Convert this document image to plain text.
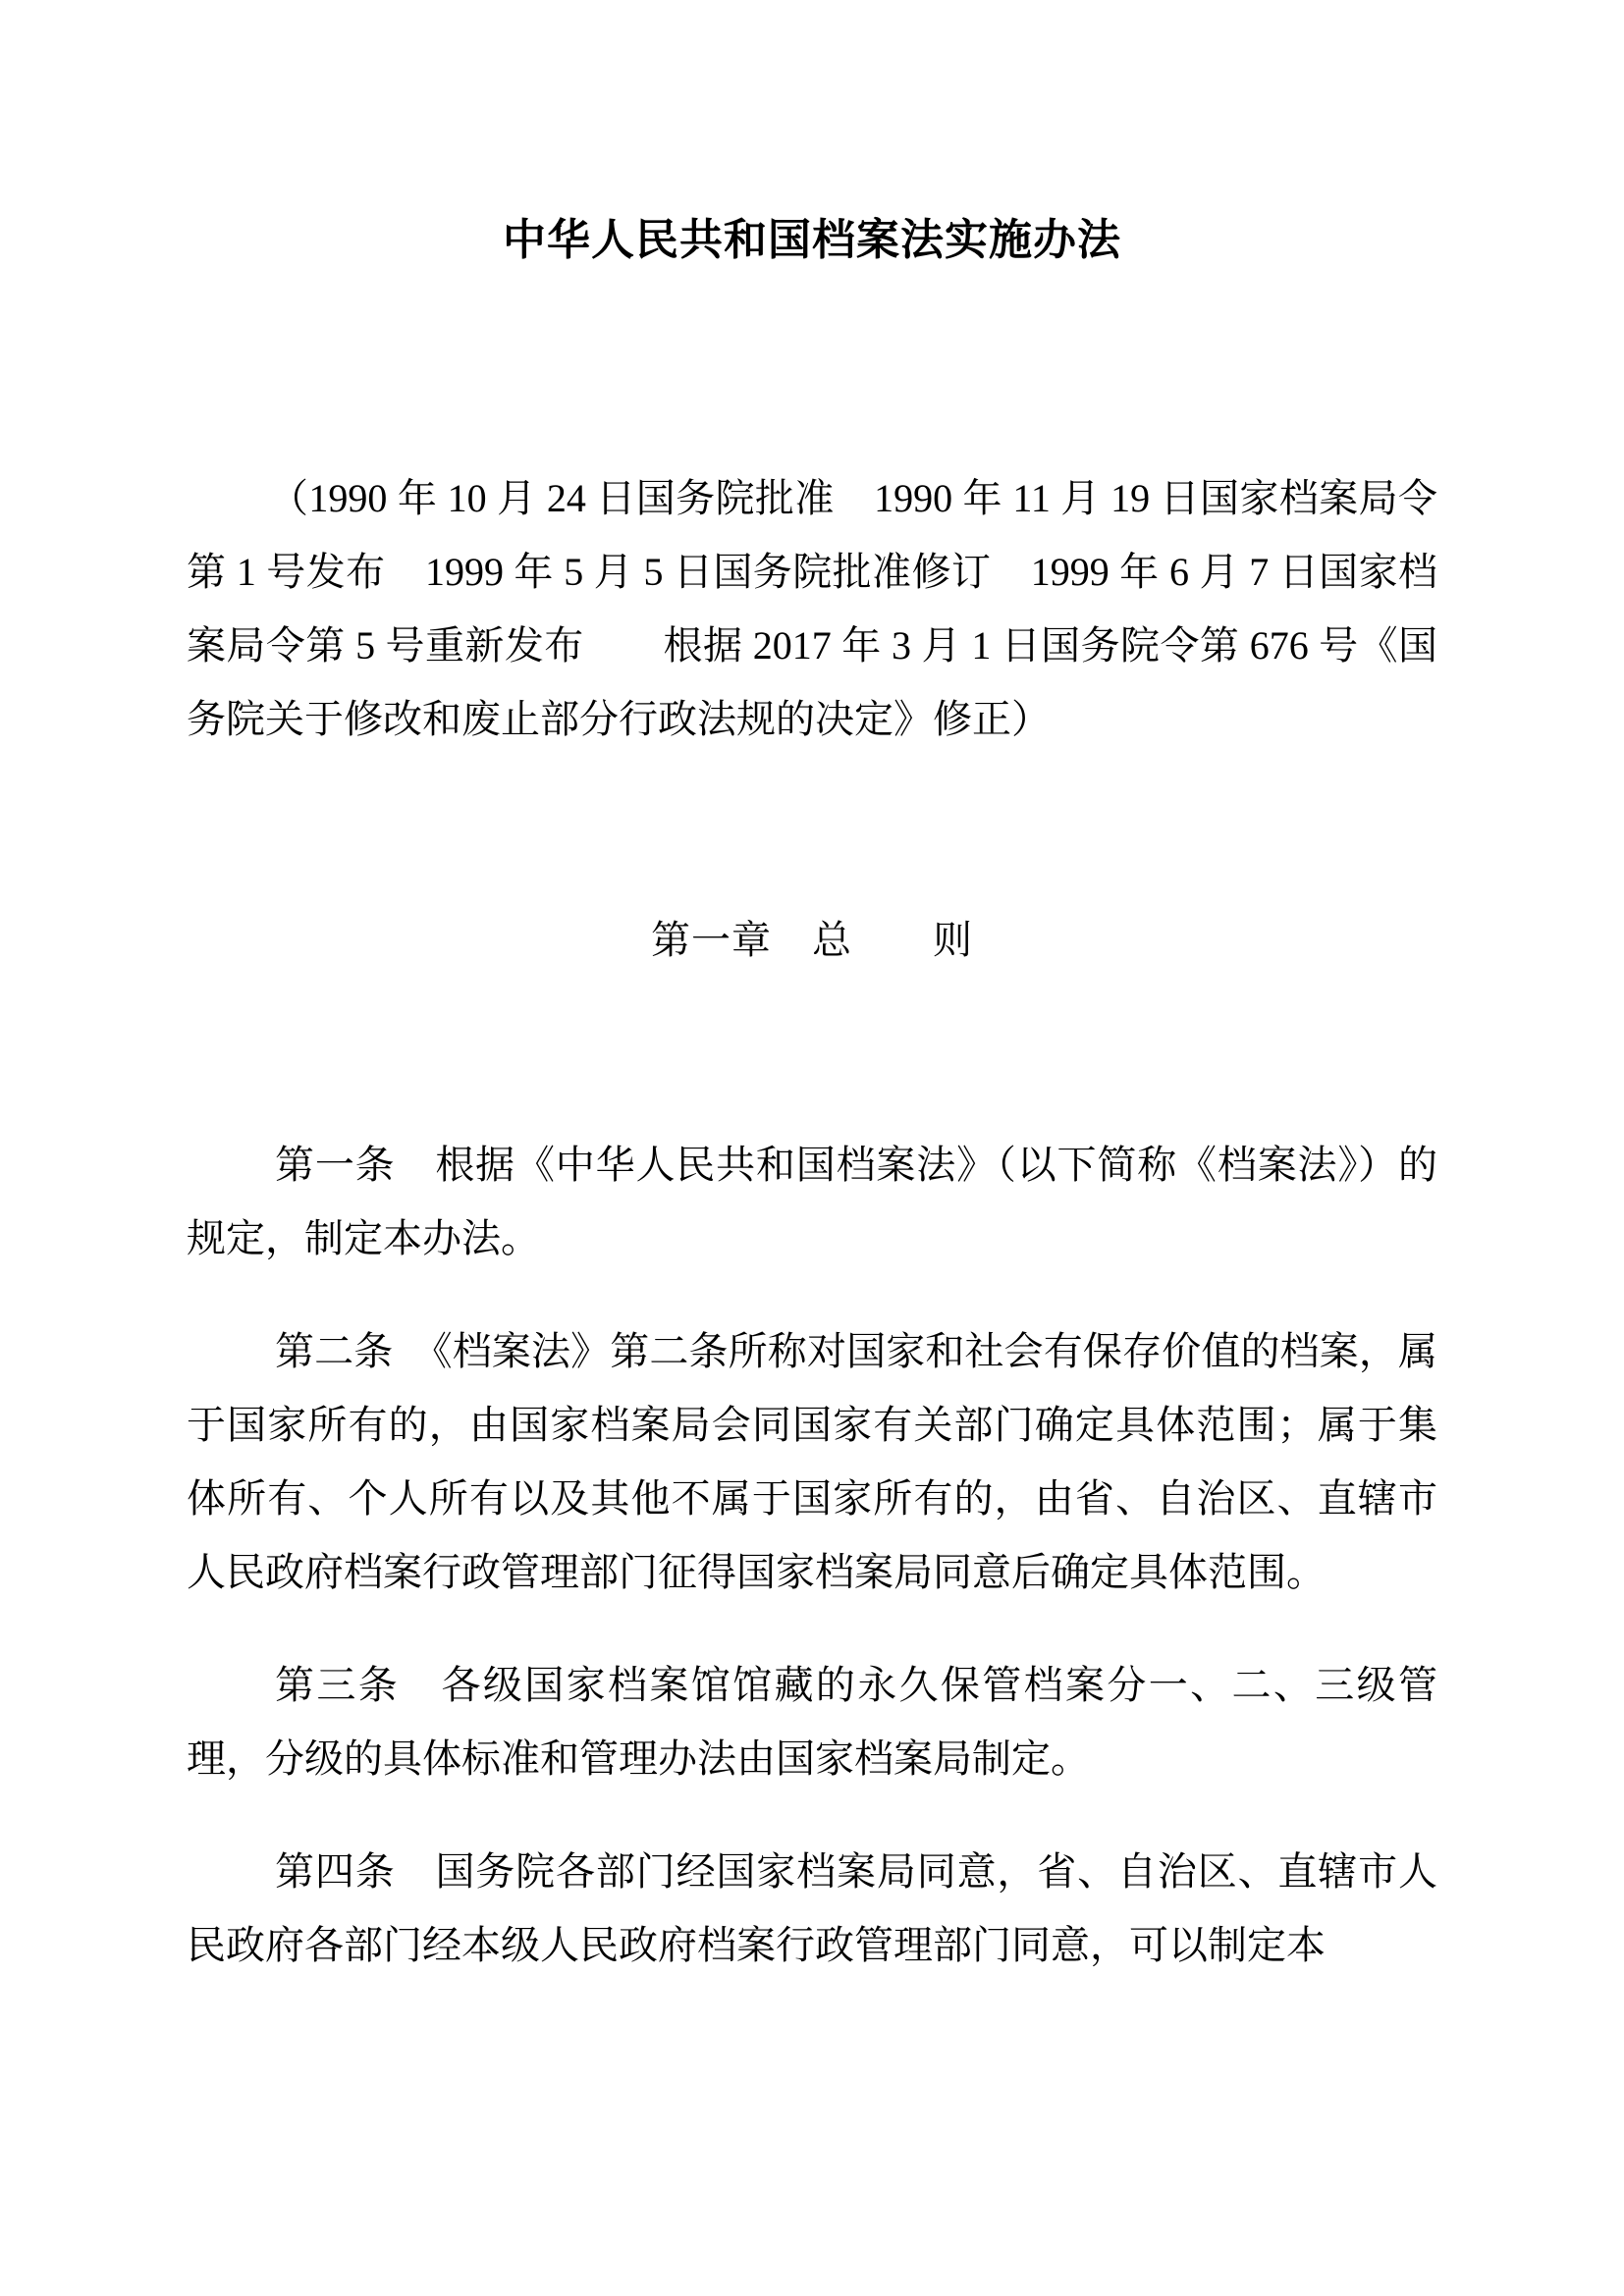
中华人民共和国档案法实施办法

（1990 年 10 月 24 日国务院批准　1990 年 11 月 19 日国家档案局令第 1 号发布　1999 年 5 月 5 日国务院批准修订　1999 年 6 月 7 日国家档案局令第 5 号重新发布　　根据 2017 年 3 月 1 日国务院令第 676 号《国务院关于修改和废止部分行政法规的决定》修正）

第一章　总　　则

第一条　根据《中华人民共和国档案法》（以下简称《档案法》）的规定，制定本办法。

第二条　《档案法》第二条所称对国家和社会有保存价值的档案，属于国家所有的，由国家档案局会同国家有关部门确定具体范围；属于集体所有、个人所有以及其他不属于国家所有的，由省、自治区、直辖市人民政府档案行政管理部门征得国家档案局同意后确定具体范围。

第三条　各级国家档案馆馆藏的永久保管档案分一、二、三级管理，分级的具体标准和管理办法由国家档案局制定。

第四条　国务院各部门经国家档案局同意，省、自治区、直辖市人民政府各部门经本级人民政府档案行政管理部门同意，可以制定本
